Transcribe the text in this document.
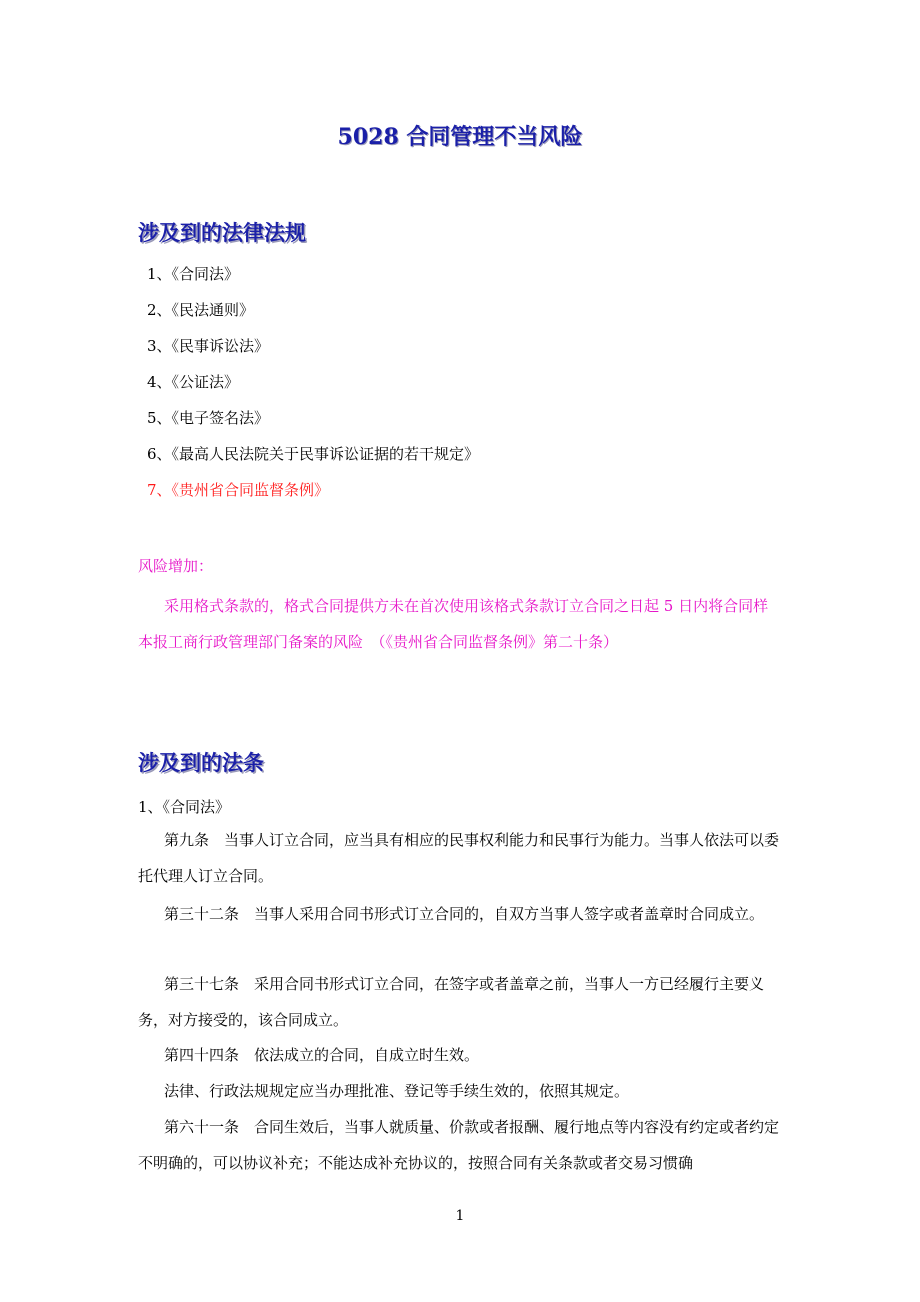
5028 合同管理不当风险
涉及到的法律法规
1、《合同法》
2、《民法通则》
3、《民事诉讼法》
4、《公证法》
5、《电子签名法》
6、《最高人民法院关于民事诉讼证据的若干规定》
7、《贵州省合同监督条例》
风险增加：
采用格式条款的，格式合同提供方未在首次使用该格式条款订立合同之日起 5 日内将合同样本报工商行政管理部门备案的风险　（《贵州省合同监督条例》第二十条）
涉及到的法条
1、《合同法》
第九条　当事人订立合同，应当具有相应的民事权利能力和民事行为能力。当事人依法可以委托代理人订立合同。
第三十二条　当事人采用合同书形式订立合同的，自双方当事人签字或者盖章时合同成立。
第三十七条　采用合同书形式订立合同，在签字或者盖章之前，当事人一方已经履行主要义务，对方接受的，该合同成立。
第四十四条　依法成立的合同，自成立时生效。
法律、行政法规规定应当办理批准、登记等手续生效的，依照其规定。
第六十一条　合同生效后，当事人就质量、价款或者报酬、履行地点等内容没有约定或者约定不明确的，可以协议补充；不能达成补充协议的，按照合同有关条款或者交易习惯确
1
